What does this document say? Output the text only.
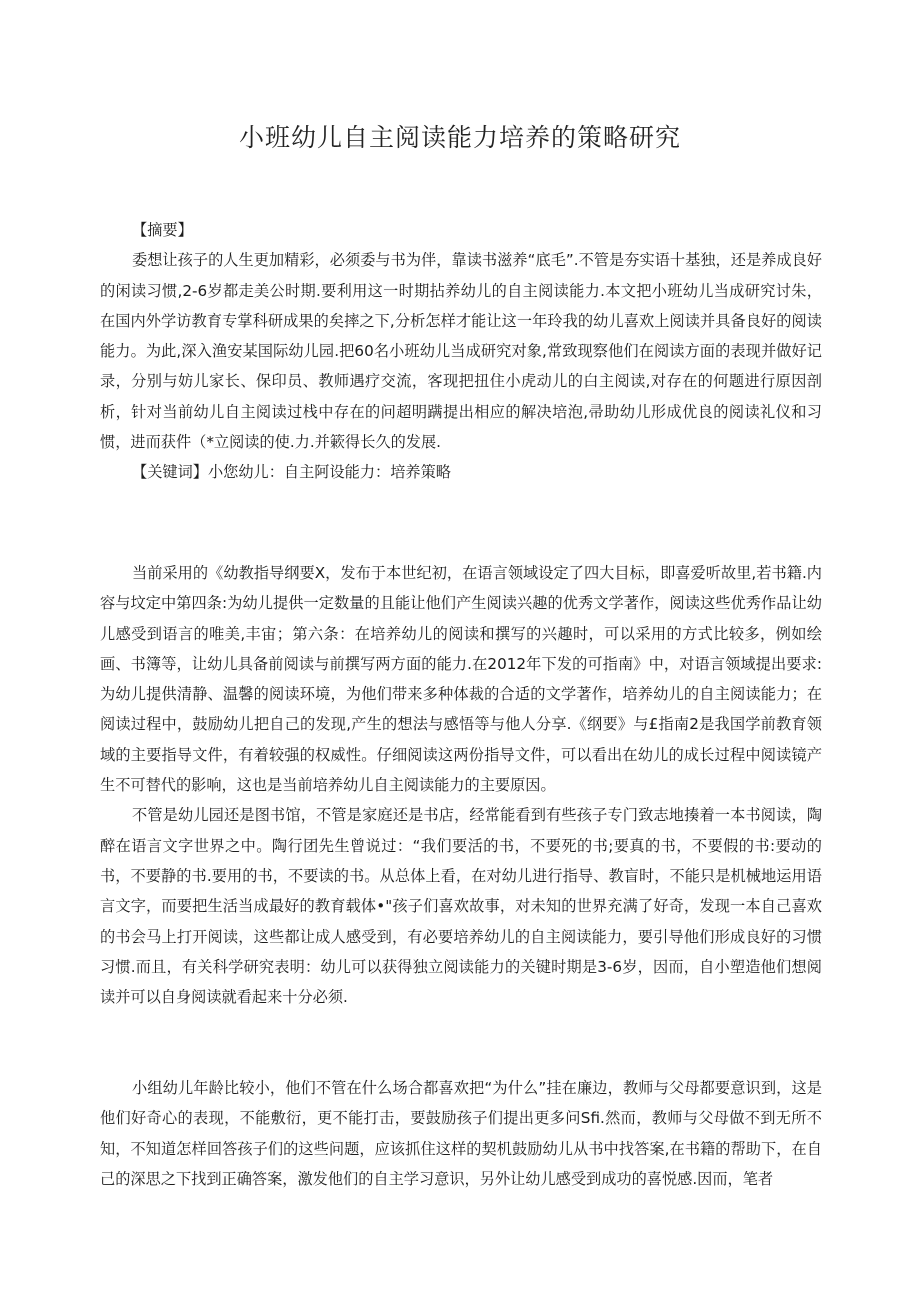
小班幼儿自主阅读能力培养的策略研究

【摘要】

委想让孩子的人生更加精彩，必须委与书为伴，靠读书滋养“底毛”.不管是夯实语十基独，还是养成良好的闲读习惯,2-6岁都走美公时期.要利用这一时期拈养幼儿的自主阅读能力.本文把小班幼儿当成研究讨朱，在国内外学访教育专掌科研成果的矣摔之下,分析怎样才能让这一年玲我的幼儿喜欢上阅读并具备良好的阅读能力。为此,深入渔安某国际幼儿园.把60名小班幼儿当成研究对象,常致现察他们在阅读方面的表现并做好记录，分别与妨儿家长、保印员、教师遇疗交流，客现把扭住小虎动儿的白主阅读,对存在的何题进行原因剖析，针对当前幼儿自主阅读过栈中存在的问超明蹒提出相应的解决培泡,帚助幼儿形成优良的阅读礼仪和习惯，进而获件（*立阅读的使.力.并簌得长久的发展.

【关键词】小您幼儿：自主阿设能力：培养策略

当前采用的《幼教指导纲要X，发布于本世纪初，在语言领域设定了四大目标，即喜爱听故里,若书籍.内容与坟定中第四条:为幼儿提供一定数量的且能让他们产生阅读兴趣的优秀文学著作，阅读这些优秀作品让幼儿感受到语言的唯美,丰宙；第六条：在培养幼儿的阅读和撰写的兴趣时，可以采用的方式比较多，例如绘画、书簿等，让幼儿具备前阅读与前撰写两方面的能力.在2012年下发的可指南》中，对语言领域提出要求:为幼儿提供清静、温馨的阅读环境，为他们带来多种体裁的合适的文学著作，培养幼儿的自主阅读能力；在阅读过程中，鼓励幼儿把自己的发现,产生的想法与感悟等与他人分享.《纲要》与£指南2是我国学前教育领域的主要指导文件，有着较强的权威性。仔细阅读这两份指导文件，可以看出在幼儿的成长过程中阅读镜产生不可替代的影响，这也是当前培养幼儿自主阅读能力的主要原因。

不管是幼儿园还是图书馆，不管是家庭还是书店，经常能看到有些孩子专门致志地揍着一本书阅读，陶醉在语言文字世界之中。陶行团先生曾说过：“我们要活的书，不要死的书;要真的书，不要假的书:要动的书，不要静的书.要用的书，不要读的书。从总体上看，在对幼儿进行指导、教盲时，不能只是机械地运用语言文字，而要把生活当成最好的教育载体•"孩子们喜欢故事，对未知的世界充满了好奇，发现一本自己喜欢的书会马上打开阅读，这些都让成人感受到，有必要培养幼儿的自主阅读能力，要引导他们形成良好的习惯习惯.而且，有关科学研究表明：幼儿可以获得独立阅读能力的关键时期是3-6岁，因而，自小塑造他们想阅读并可以自身阅读就看起来十分必须.

小组幼儿年龄比较小，他们不管在什么场合都喜欢把“为什么”挂在廉边，教师与父母都要意识到，这是他们好奇心的表现，不能敷衍，更不能打击，要鼓励孩子们提出更多问Sfi.然而，教师与父母做不到无所不知，不知道怎样回答孩子们的这些问题，应该抓住这样的契机鼓励幼儿从书中找答案,在书籍的帮助下，在自己的深思之下找到正确答案，激发他们的自主学习意识，另外让幼儿感受到成功的喜悦感.因而，笔者
